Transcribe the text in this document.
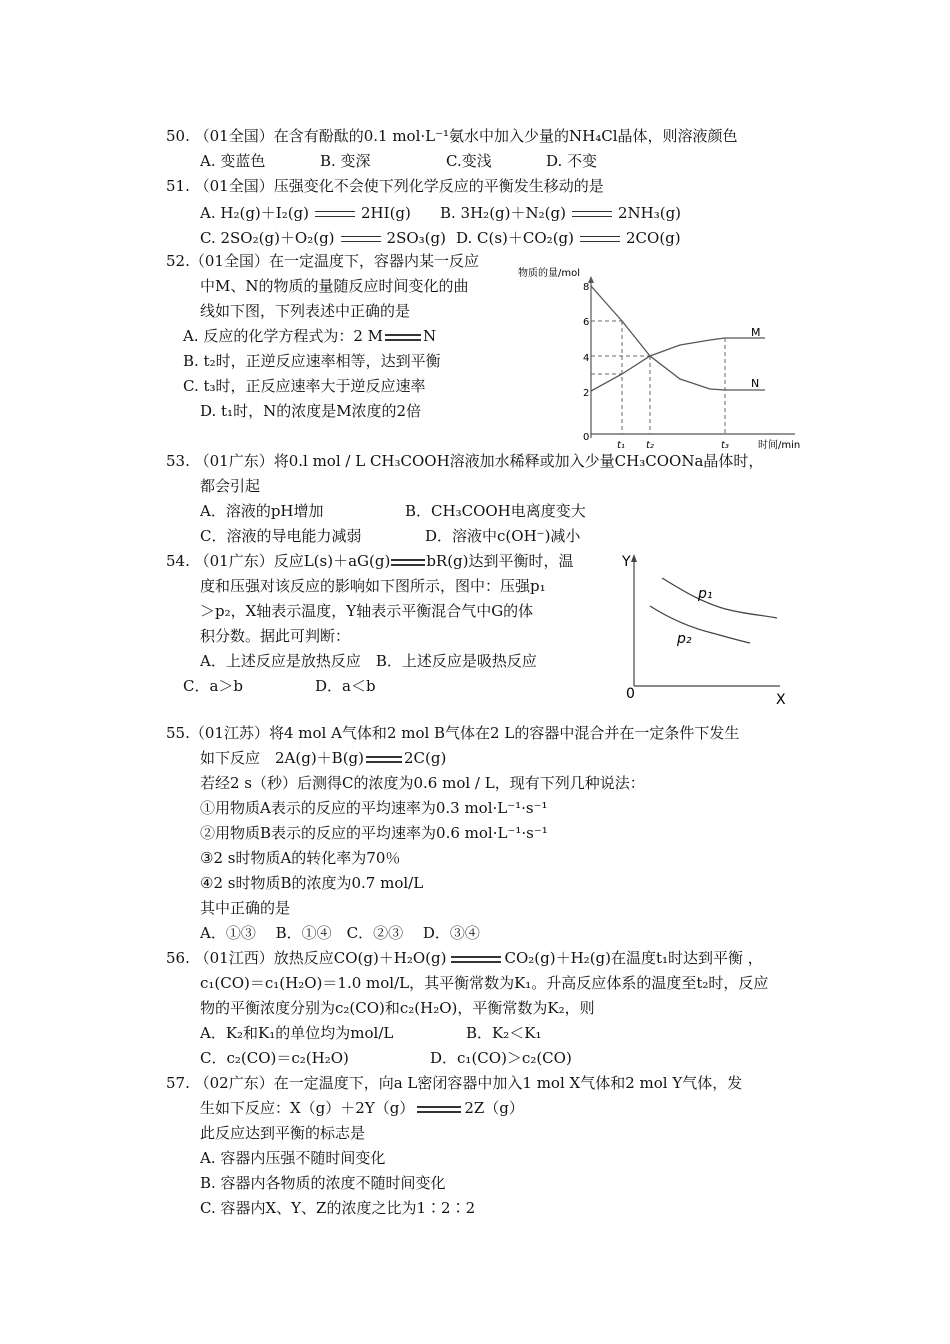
50. （01全国）在含有酚酞的0.1 mol·L⁻¹氨水中加入少量的NH₄Cl晶体，则溶液颜色
A. 变蓝色	B. 变深	C.变浅	D. 不变
51. （01全国）压强变化不会使下列化学反应的平衡发生移动的是
A. H₂(g)＋I₂(g)	2HI(g) B. 3H₂(g)＋N₂(g)	2NH₃(g)
C. 2SO₂(g)＋O₂(g)	2SO₃(g) D. C(s)＋CO₂(g)	2CO(g)
52.（01全国）在一定温度下，容器内某一反应
中M、N的物质的量随反应时间变化的曲
线如下图，下列表述中正确的是
A. 反应的化学方程式为：2 M	N
B. t₂时，正逆反应速率相等，达到平衡
C. t₃时，正反应速率大于逆反应速率
D. t₁时，N的浓度是M浓度的2倍
物质的量/mol
0
2
4
6
8
M
N
t₁ t₂	t₃	时间/min
53. （01广东）将0.l mol / L CH₃COOH溶液加水稀释或加入少量CH₃COONa晶体时，
都会引起
A．溶液的pH增加	B．CH₃COOH电离度变大
C．溶液的导电能力减弱	D．溶液中c(OH⁻)减小
54. （01广东）反应L(s)＋aG(g) bR(g)达到平衡时，温
度和压强对该反应的影响如下图所示，图中：压强p₁
＞p₂，X轴表示温度，Y轴表示平衡混合气中G的体
积分数。据此可判断：
A．上述反应是放热反应　B．上述反应是吸热反应
C．a＞b	D．a＜b
Y
0	X
p₁
p₂
55.（01江苏）将4 mol A气体和2 mol B气体在2 L的容器中混合并在一定条件下发生
如下反应　2A(g)＋B(g)	2C(g)
若经2 s（秒）后测得C的浓度为0.6 mol / L，现有下列几种说法：
①用物质A表示的反应的平均速率为0.3 mol·L⁻¹·s⁻¹
②用物质B表示的反应的平均速率为0.6 mol·L⁻¹·s⁻¹
③2 s时物质A的转化率为70％
④2 s时物质B的浓度为0.7 mol/L
其中正确的是
A．①③　 B．①④　C．②③　 D．③④
56. （01江西）放热反应CO(g)＋H₂O(g)	CO₂(g)＋H₂(g)在温度t₁时达到平衡 ，
c₁(CO)＝c₁(H₂O)＝1.0 mol/L，其平衡常数为K₁。升高反应体系的温度至t₂时，反应
物的平衡浓度分别为c₂(CO)和c₂(H₂O)，平衡常数为K₂，则
A．K₂和K₁的单位均为mol/L	B．K₂＜K₁
C．c₂(CO)＝c₂(H₂O)	D．c₁(CO)＞c₂(CO)
57. （02广东）在一定温度下，向a L密闭容器中加入1 mol X气体和2 mol Y气体，发
生如下反应：X（g）＋2Y（g）	2Z（g）
此反应达到平衡的标志是
A. 容器内压强不随时间变化
B. 容器内各物质的浓度不随时间变化
C. 容器内X、Y、Z的浓度之比为1∶2∶2
